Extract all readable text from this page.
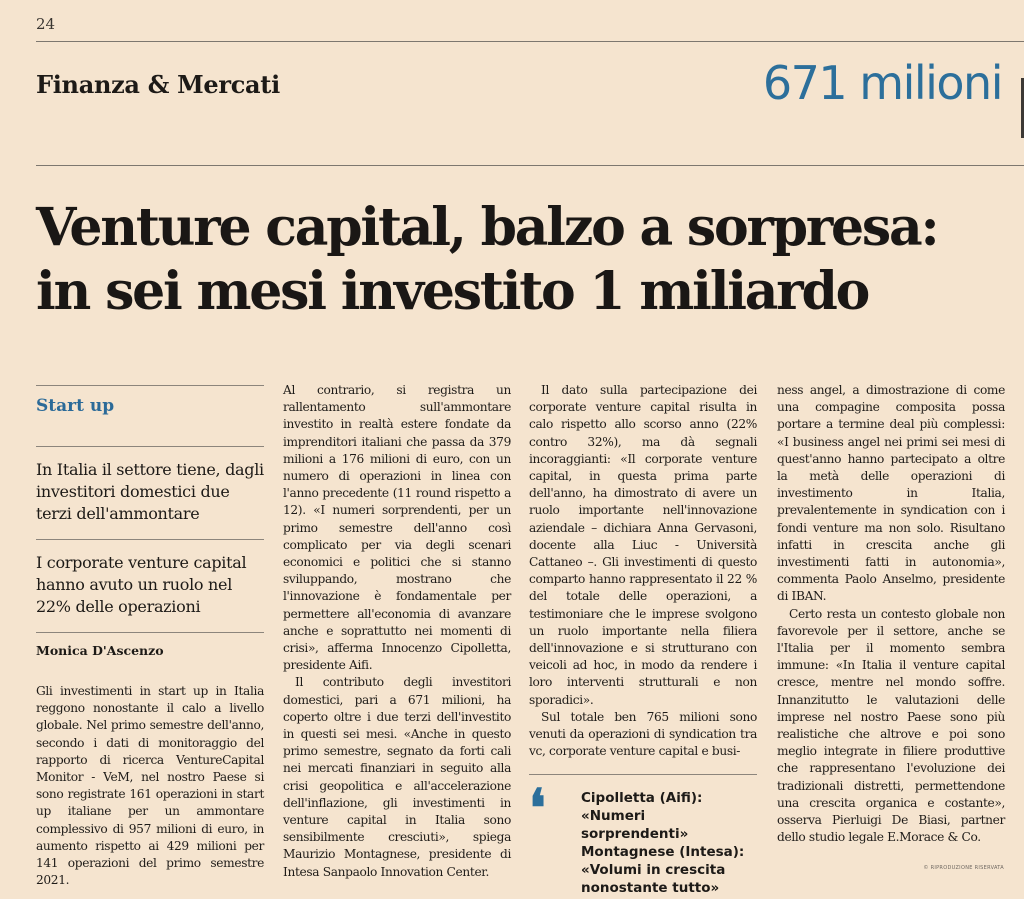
24
Finanza & Mercati	671 milioni
Venture capital, balzo a sorpresa:
in sei mesi investito 1 miliardo
Start up
In Italia il settore tiene, dagli investitori domestici due terzi dell'ammontare
I corporate venture capital hanno avuto un ruolo nel 22% delle operazioni
Monica D'Ascenzo

Gli investimenti in start up in Italia reggono nonostante il calo a livello globale. Nel primo semestre dell'anno, secondo i dati di monitoraggio del rapporto di ricerca VentureCapital Monitor - VeM, nel nostro Paese si sono registrate 161 operazioni in start up italiane per un ammontare complessivo di 957 milioni di euro, in aumento rispetto ai 429 milioni per 141 operazioni del primo semestre 2021.

Al contrario, si registra un rallentamento sull'ammontare investito in realtà estere fondate da imprenditori italiani che passa da 379 milioni a 176 milioni di euro, con un numero di operazioni in linea con l'anno precedente (11 round rispetto a 12). «I numeri sorprendenti, per un primo semestre dell'anno così complicato per via degli scenari economici e politici che si stanno sviluppando, mostrano che l'innovazione è fondamentale per permettere all'economia di avanzare anche e soprattutto nei momenti di crisi», afferma Innocenzo Cipolletta, presidente Aifi.

Il contributo degli investitori domestici, pari a 671 milioni, ha coperto oltre i due terzi dell'investito in questi sei mesi. «Anche in questo primo semestre, segnato da forti cali nei mercati finanziari in seguito alla crisi geopolitica e all'accelerazione dell'inflazione, gli investimenti in venture capital in Italia sono sensibilmente cresciuti», spiega Maurizio Montagnese, presidente di Intesa Sanpaolo Innovation Center.

Il dato sulla partecipazione dei corporate venture capital risulta in calo rispetto allo scorso anno (22% contro 32%), ma dà segnali incoraggianti: «Il corporate venture capital, in questa prima parte dell'anno, ha dimostrato di avere un ruolo importante nell'innovazione aziendale – dichiara Anna Gervasoni, docente alla Liuc - Università Cattaneo –. Gli investimenti di questo comparto hanno rappresentato il 22 % del totale delle operazioni, a testimoniare che le imprese svolgono un ruolo importante nella filiera dell'innovazione e si strutturano con veicoli ad hoc, in modo da rendere i loro interventi strutturali e non sporadici».

Sul totale ben 765 milioni sono venuti da operazioni di syndication tra vc, corporate venture capital e busi-

❛	Cipolletta (Aifi):
«Numeri sorprendenti»
Montagnese (Intesa):
«Volumi in crescita
nonostante tutto»

ness angel, a dimostrazione di come una compagine composita possa portare a termine deal più complessi: «I business angel nei primi sei mesi di quest'anno hanno partecipato a oltre la metà delle operazioni di investimento in Italia, prevalentemente in syndication con i fondi venture ma non solo. Risultano infatti in crescita anche gli investimenti fatti in autonomia», commenta Paolo Anselmo, presidente di IBAN.

Certo resta un contesto globale non favorevole per il settore, anche se l'Italia per il momento sembra immune: «In Italia il venture capital cresce, mentre nel mondo soffre. Innanzitutto le valutazioni delle imprese nel nostro Paese sono più realistiche che altrove e poi sono meglio integrate in filiere produttive che rappresentano l'evoluzione dei tradizionali distretti, permettendone una crescita organica e costante», osserva Pierluigi De Biasi, partner dello studio legale E.Morace & Co.

© RIPRODUZIONE RISERVATA
